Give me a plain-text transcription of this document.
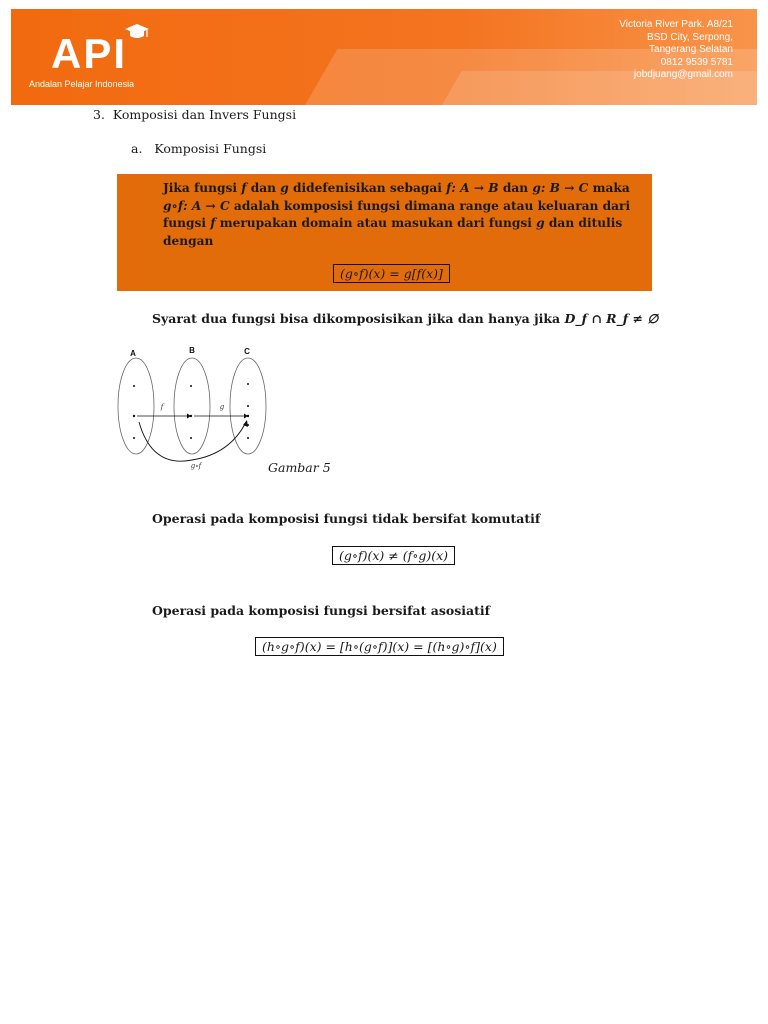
API
Andalan Pelajar Indonesia
Victoria River Park. A8/21
BSD City, Serpong,
Tangerang Selatan
0812 9539 5781
jobdjuang@gmail.com
3. Komposisi dan Invers Fungsi
a. Komposisi Fungsi
Jika fungsi f dan g didefenisikan sebagai f: A → B dan g: B → C maka
g∘f: A → C adalah komposisi fungsi dimana range atau keluaran dari
fungsi f merupakan domain atau masukan dari fungsi g dan ditulis
dengan
(g∘f)(x) = g[f(x)]
Syarat dua fungsi bisa dikomposisikan jika dan hanya jika D_f ∩ R_f ≠ ∅
A	B	C
f	g
g∘f	Gambar 5
Operasi pada komposisi fungsi tidak bersifat komutatif
(g∘f)(x) ≠ (f∘g)(x)
Operasi pada komposisi fungsi bersifat asosiatif
(h∘g∘f)(x) = [h∘(g∘f)](x) = [(h∘g)∘f](x)
